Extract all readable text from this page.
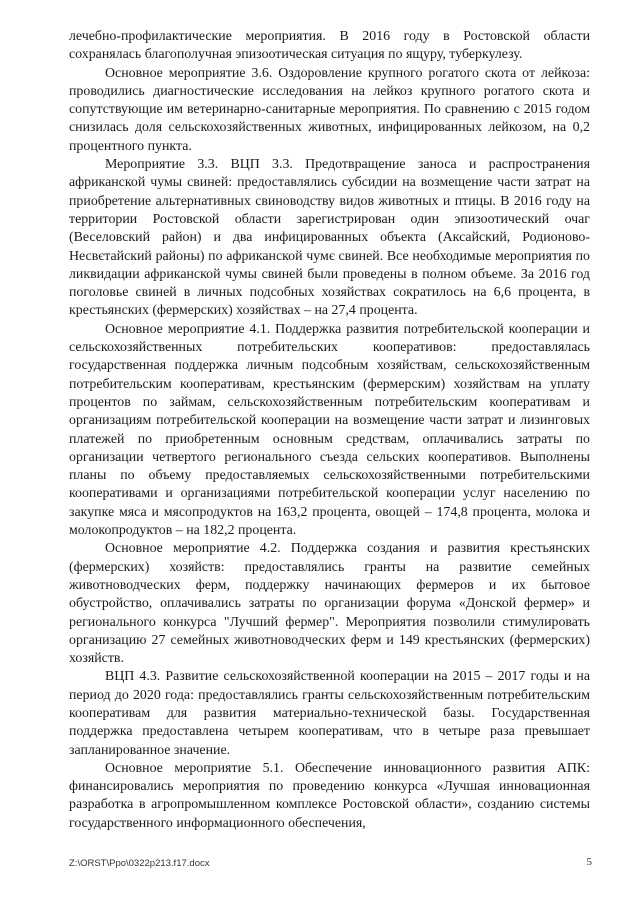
лечебно-профилактические мероприятия. В 2016 году в Ростовской области сохранялась благополучная эпизоотическая ситуация по ящуру, туберкулезу.

Основное мероприятие 3.6. Оздоровление крупного рогатого скота от лейкоза: проводились диагностические исследования на лейкоз крупного рогатого скота и сопутствующие им ветеринарно-санитарные мероприятия. По сравнению с 2015 годом снизилась доля сельскохозяйственных животных, инфицированных лейкозом, на 0,2 процентного пункта.

Мероприятие 3.3. ВЦП 3.3. Предотвращение заноса и распространения африканской чумы свиней: предоставлялись субсидии на возмещение части затрат на приобретение альтернативных свиноводству видов животных и птицы. В 2016 году на территории Ростовской области зарегистрирован один эпизоотический очаг (Веселовский район) и два инфицированных объекта (Аксайский, Родионово-Несвєтайский районы) по африканской чумє свиней. Все необходимые мероприятия по ликвидации африканской чумы свиней были проведены в полном объеме. За 2016 год поголовье свиней в личных подсобных хозяйствах сократилось на 6,6 процента, в крестьянских (фермерских) хозяйствах – на 27,4 процента.

Основное мероприятие 4.1. Поддержка развития потребительской кооперации и сельскохозяйственных потребительских кооперативов: предоставлялась государственная поддержка личным подсобным хозяйствам, сельскохозяйственным потребительским кооперативам, крестьянским (фермерским) хозяйствам на уплату процентов по займам, сельскохозяйственным потребительским кооперативам и организациям потребительской кооперации на возмещение части затрат и лизинговых платежей по приобретенным основным средствам, оплачивались затраты по организации четвертого регионального съезда сельских кооперативов. Выполнены планы по объему предоставляемых сельскохозяйственными потребительскими кооперативами и организациями потребительской кооперации услуг населению по закупке мяса и мясопродуктов на 163,2 процента, овощей – 174,8 процента, молока и молокопродуктов – на 182,2 процента.

Основное мероприятие 4.2. Поддержка создания и развития крестьянских (фермерских) хозяйств: предоставлялись гранты на развитие семейных животноводческих ферм, поддержку начинающих фермеров и их бытовое обустройство, оплачивались затраты по организации форума «Донской фермер» и регионального конкурса "Лучший фермер". Мероприятия позволили стимулировать организацию 27 семейных животноводческих ферм и 149 крестьянских (фермерских) хозяйств.

ВЦП 4.3. Развитие сельскохозяйственной кооперации на 2015 – 2017 годы и на период до 2020 года: предоставлялись гранты сельскохозяйственным потребительским кооперативам для развития материально-технической базы. Государственная поддержка предоставлена четырем кооперативам, что в четыре раза превышает запланированное значение.

Основное мероприятие 5.1. Обеспечение инновационного развития АПК: финансировались мероприятия по проведению конкурса «Лучшая инновационная разработка в агропромышленном комплексе Ростовской области», созданию системы государственного информационного обеспечения,

Z:\ORST\Ppo\0322p213.f17.docx	5
